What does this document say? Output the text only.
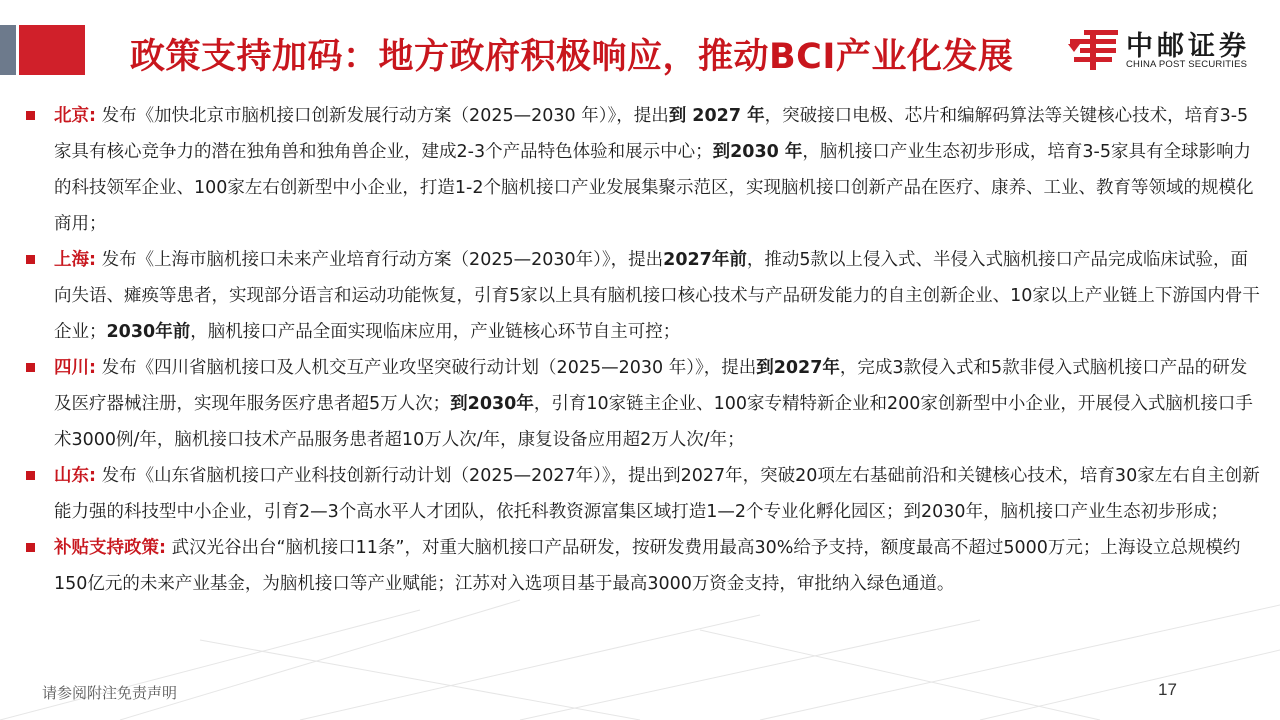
政策支持加码：地方政府积极响应，推动BCI产业化发展	中邮证券
CHINA POST SECURITIES
北京: 发布《加快北京市脑机接口创新发展行动方案（2025—2030 年）》，提出到 2027 年，突破接口电极、芯片和编解码算法等关键核心技术，培育3-5家具有核心竞争力的潜在独角兽和独角兽企业，建成2-3个产品特色体验和展示中心；到2030 年，脑机接口产业生态初步形成，培育3-5家具有全球影响力的科技领军企业、100家左右创新型中小企业，打造1-2个脑机接口产业发展集聚示范区，实现脑机接口创新产品在医疗、康养、工业、教育等领域的规模化商用；
上海: 发布《上海市脑机接口未来产业培育行动方案（2025—2030年）》，提出2027年前，推动5款以上侵入式、半侵入式脑机接口产品完成临床试验，面向失语、瘫痪等患者，实现部分语言和运动功能恢复，引育5家以上具有脑机接口核心技术与产品研发能力的自主创新企业、10家以上产业链上下游国内骨干企业；2030年前，脑机接口产品全面实现临床应用，产业链核心环节自主可控；
四川: 发布《四川省脑机接口及人机交互产业攻坚突破行动计划（2025—2030 年）》，提出到2027年，完成3款侵入式和5款非侵入式脑机接口产品的研发及医疗器械注册，实现年服务医疗患者超5万人次；到2030年，引育10家链主企业、100家专精特新企业和200家创新型中小企业，开展侵入式脑机接口手术3000例/年，脑机接口技术产品服务患者超10万人次/年，康复设备应用超2万人次/年；
山东: 发布《山东省脑机接口产业科技创新行动计划（2025—2027年）》，提出到2027年，突破20项左右基础前沿和关键核心技术，培育30家左右自主创新能力强的科技型中小企业，引育2—3个高水平人才团队，依托科教资源富集区域打造1—2个专业化孵化园区；到2030年，脑机接口产业生态初步形成；
补贴支持政策: 武汉光谷出台“脑机接口11条”，对重大脑机接口产品研发，按研发费用最高30%给予支持，额度最高不超过5000万元；上海设立总规模约150亿元的未来产业基金，为脑机接口等产业赋能；江苏对入选项目基于最高3000万资金支持，审批纳入绿色通道。
请参阅附注免责声明	17
